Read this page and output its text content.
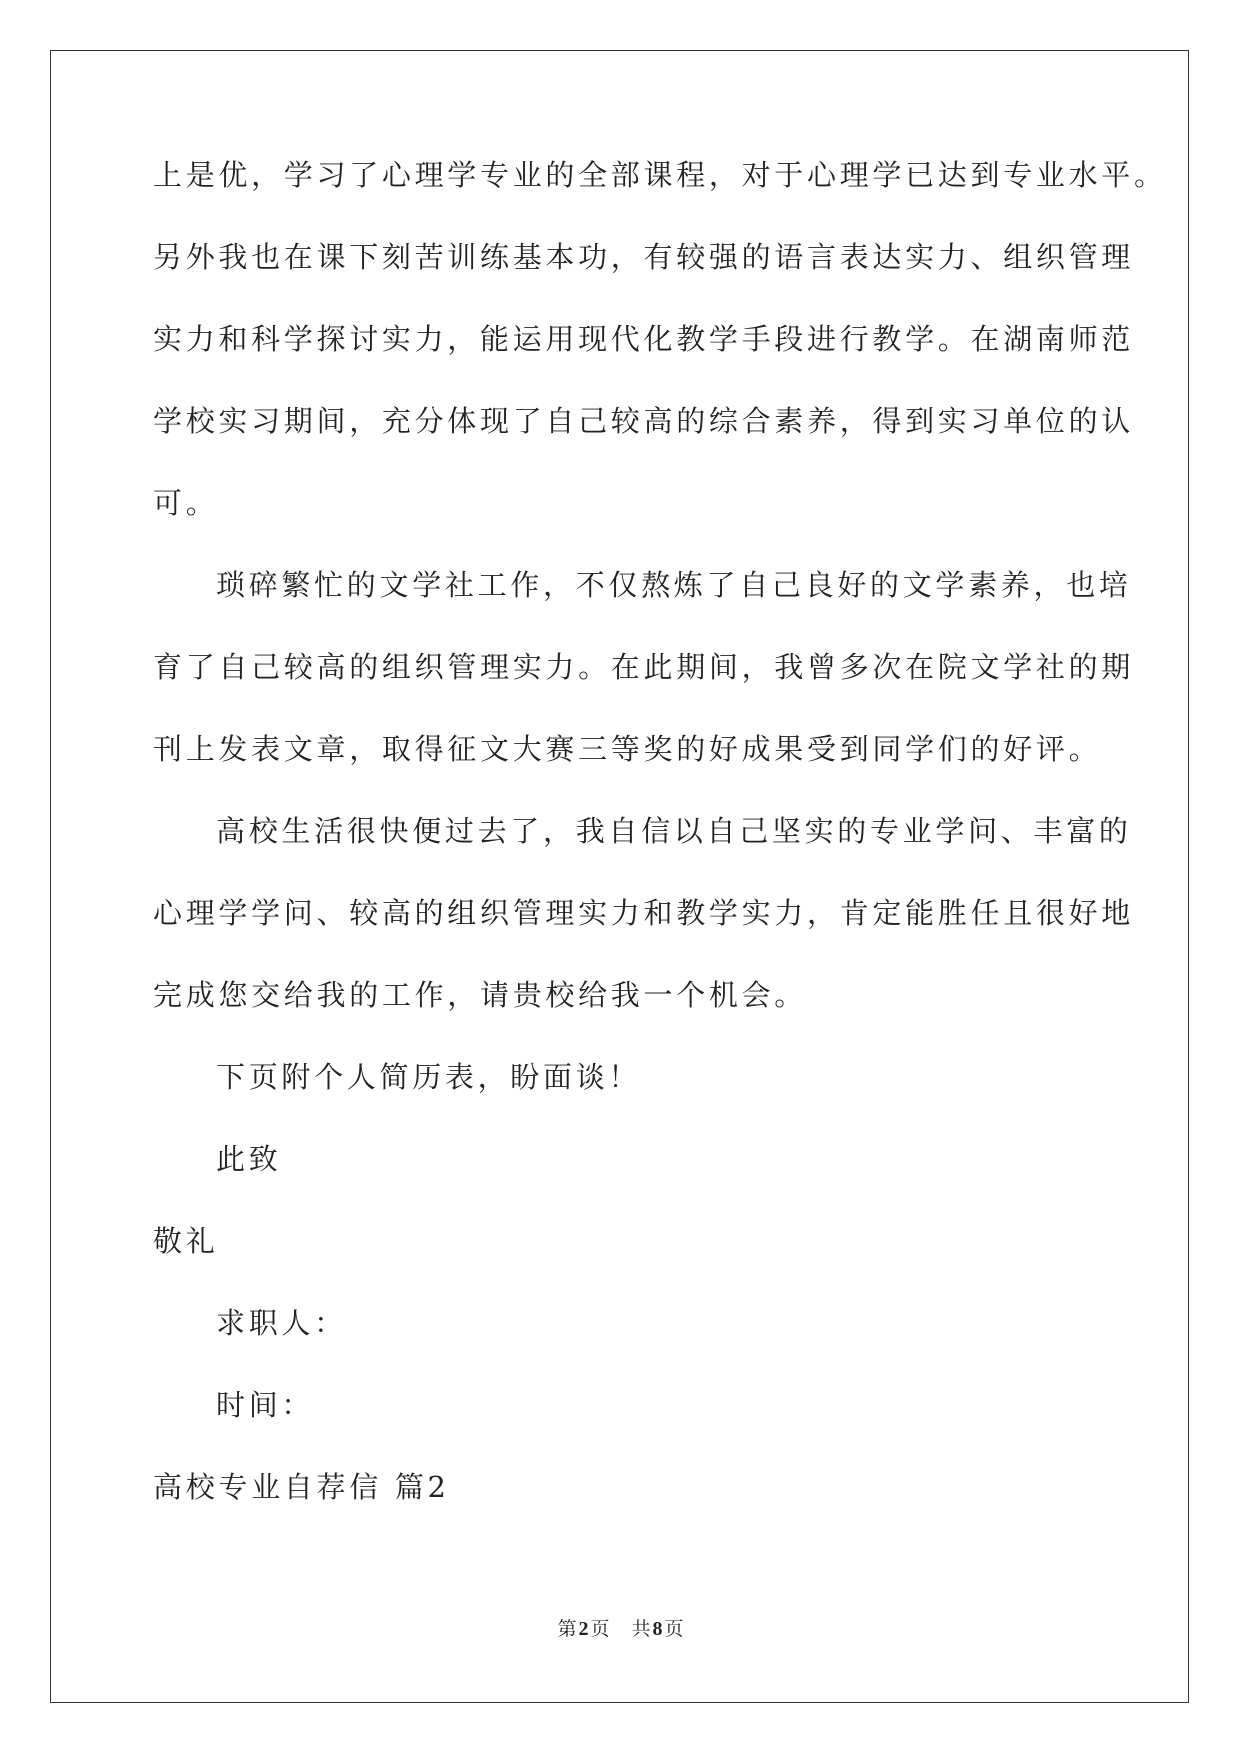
上是优，学习了心理学专业的全部课程，对于心理学已达到专业水平。
另外我也在课下刻苦训练基本功，有较强的语言表达实力、组织管理
实力和科学探讨实力，能运用现代化教学手段进行教学。在湖南师范
学校实习期间，充分体现了自己较高的综合素养，得到实习单位的认
可。
琐碎繁忙的文学社工作，不仅熬炼了自己良好的文学素养，也培
育了自己较高的组织管理实力。在此期间，我曾多次在院文学社的期
刊上发表文章，取得征文大赛三等奖的好成果受到同学们的好评。
高校生活很快便过去了，我自信以自己坚实的专业学问、丰富的
心理学学问、较高的组织管理实力和教学实力，肯定能胜任且很好地
完成您交给我的工作，请贵校给我一个机会。
下页附个人简历表，盼面谈！
此致
敬礼
求职人：
时间：
高校专业自荐信 篇2
第 2 页 共 8 页
